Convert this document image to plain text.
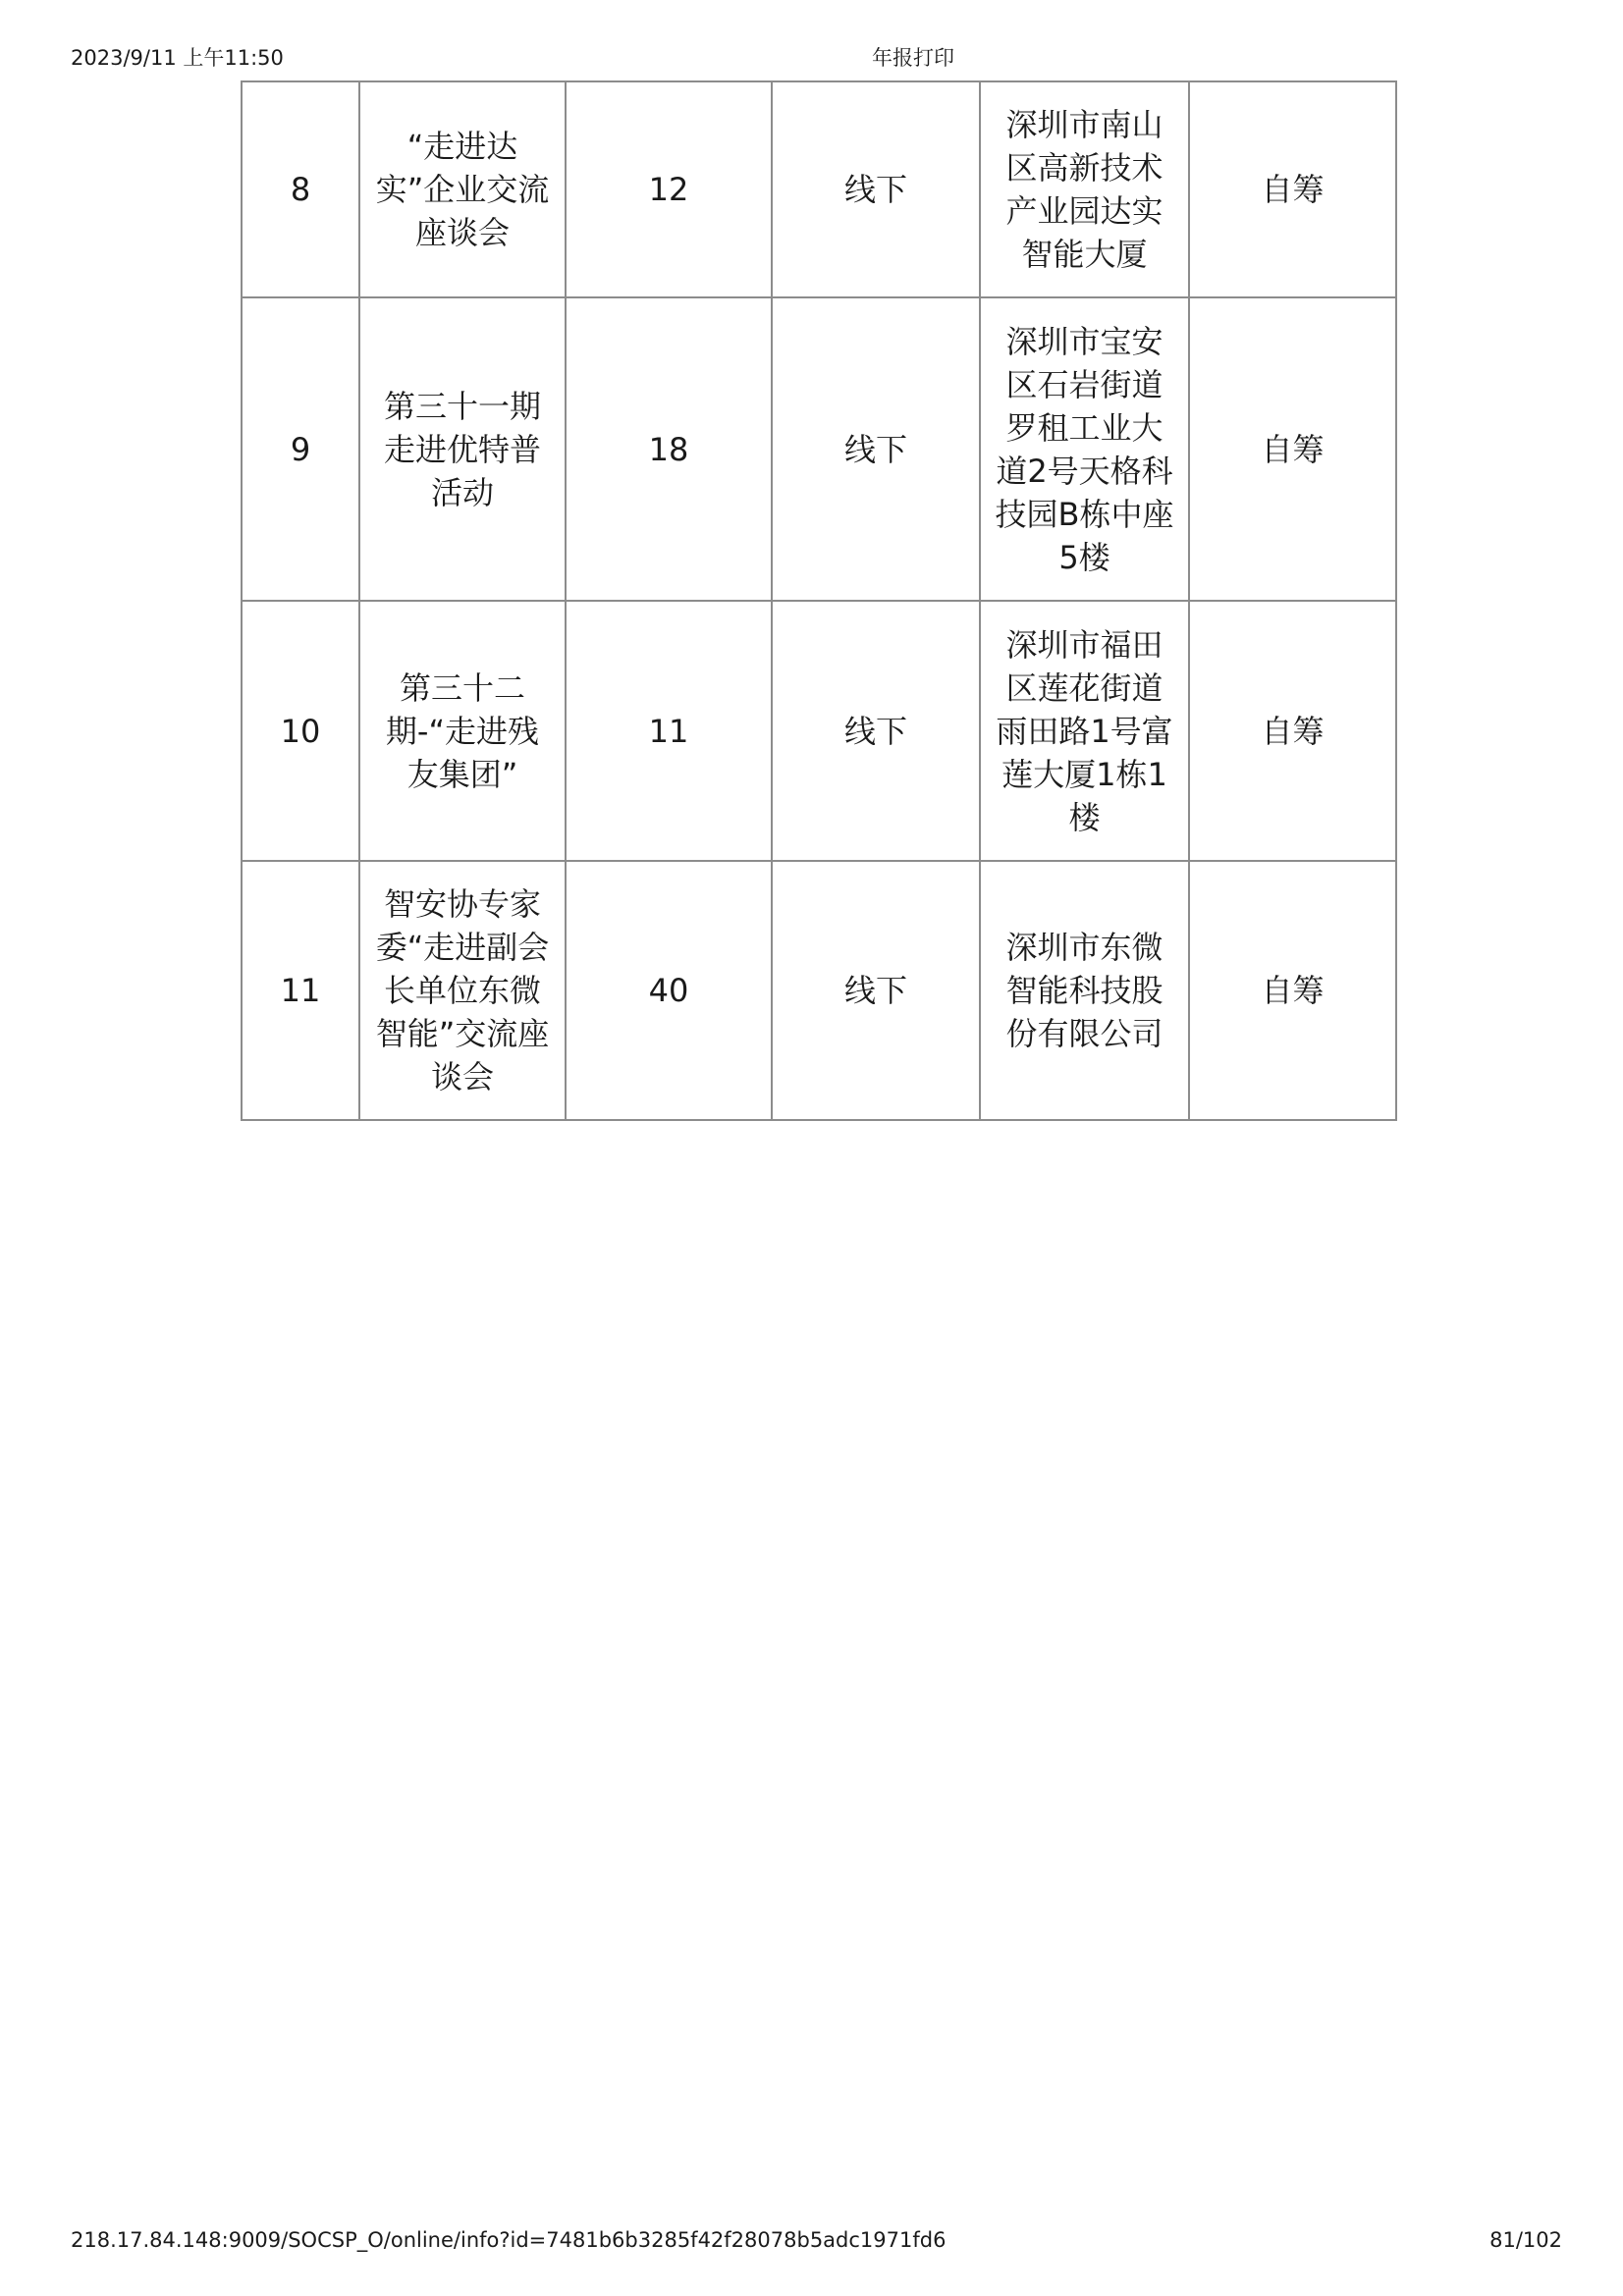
2023/9/11 上午11:50	年报打印
8	“走进达实”企业交流座谈会	12	线下	深圳市南山区高新技术产业园达实智能大厦	自筹
9	第三十一期走进优特普活动	18	线下	深圳市宝安区石岩街道罗租工业大道2号天格科技园B栋中座5楼	自筹
10	第三十二期-“走进残友集团”	11	线下	深圳市福田区莲花街道雨田路1号富莲大厦1栋1楼	自筹
11	智安协专家委“走进副会长单位东微智能”交流座谈会	40	线下	深圳市东微智能科技股份有限公司	自筹
218.17.84.148:9009/SOCSP_O/online/info?id=7481b6b3285f42f28078b5adc1971fd6	81/102
